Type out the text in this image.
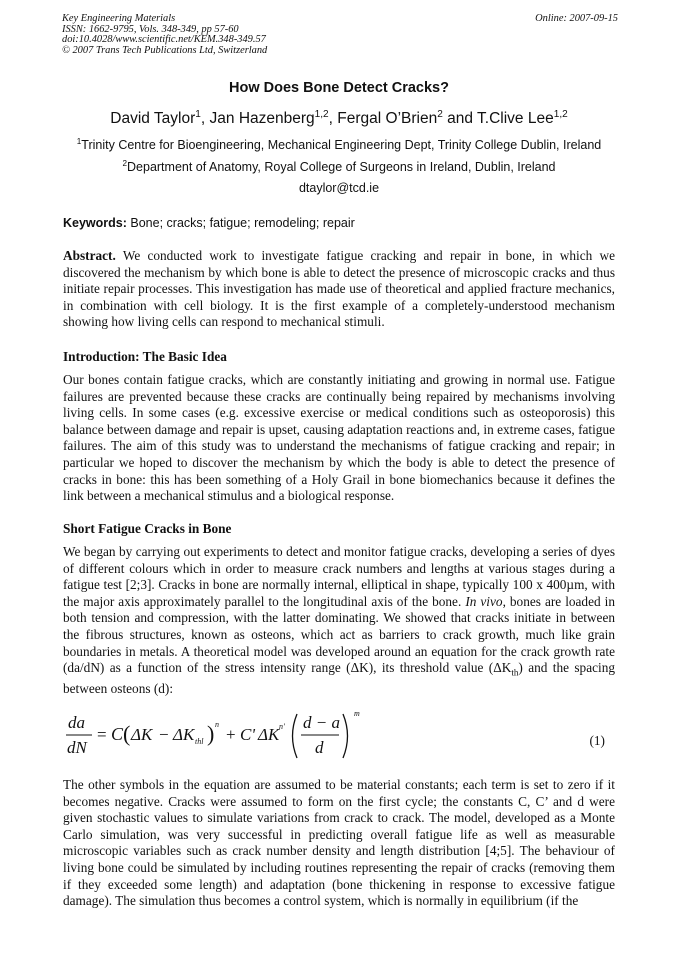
Key Engineering Materials
ISSN: 1662-9795, Vols. 348-349, pp 57-60
doi:10.4028/www.scientific.net/KEM.348-349.57
© 2007 Trans Tech Publications Ltd, Switzerland
Online: 2007-09-15
How Does Bone Detect Cracks?
David Taylor$^1$, Jan Hazenberg$^{1,2}$, Fergal O’Brien$^2$ and T.Clive Lee$^{1,2}$
$^1$Trinity Centre for Bioengineering, Mechanical Engineering Dept, Trinity College Dublin, Ireland
$^2$Department of Anatomy, Royal College of Surgeons in Ireland, Dublin, Ireland
dtaylor@tcd.ie
Keywords: Bone; cracks; fatigue; remodeling; repair
Abstract. We conducted work to investigate fatigue cracking and repair in bone, in which we discovered the mechanism by which bone is able to detect the presence of microscopic cracks and thus initiate repair processes. This investigation has made use of theoretical and applied fracture mechanics, in combination with cell biology. It is the first example of a completely-understood mechanism showing how living cells can respond to mechanical stimuli.
Introduction: The Basic Idea
Our bones contain fatigue cracks, which are constantly initiating and growing in normal use. Fatigue failures are prevented because these cracks are continually being repaired by mechanisms involving living cells. In some cases (e.g. excessive exercise or medical conditions such as osteoporosis) this balance between damage and repair is upset, causing adaptation reactions and, in extreme cases, fatigue failures. The aim of this study was to understand the mechanisms of fatigue cracking and repair; in particular we hoped to discover the mechanism by which the body is able to detect the presence of cracks in bone: this has been something of a Holy Grail in bone biomechanics because it defines the link between a mechanical stimulus and a biological response.
Short Fatigue Cracks in Bone
We began by carrying out experiments to detect and monitor fatigue cracks, developing a series of dyes of different colours which in order to measure crack numbers and lengths at various stages during a fatigue test [2;3]. Cracks in bone are normally internal, elliptical in shape, typically 100 x 400µm, with the major axis approximately parallel to the longitudinal axis of the bone. In vivo, bones are loaded in both tension and compression, with the latter dominating. We showed that cracks initiate in between the fibrous structures, known as osteons, which act as barriers to crack growth, much like grain boundaries in metals. A theoretical model was developed around an equation for the crack growth rate (da/dN) as a function of the stress intensity range (ΔK), its threshold value $(\Delta K_{th})$ and the spacing between osteons (d):
da
dN
= C ( ΔK − ΔK thl ) n
+ C' ΔK n' d − a
d
m
(1)
The other symbols in the equation are assumed to be material constants; each term is set to zero if it becomes negative. Cracks were assumed to form on the first cycle; the constants C, C’ and d were given stochastic values to simulate variations from crack to crack. The model, developed as a Monte Carlo simulation, was very successful in predicting overall fatigue life as well as measurable microscopic variables such as crack number density and length distribution [4;5]. The behaviour of living bone could be simulated by including routines representing the repair of cracks (removing them if they exceeded some length) and adaptation (bone thickening in response to excessive fatigue damage). The simulation thus becomes a control system, which is normally in equilibrium (if the
